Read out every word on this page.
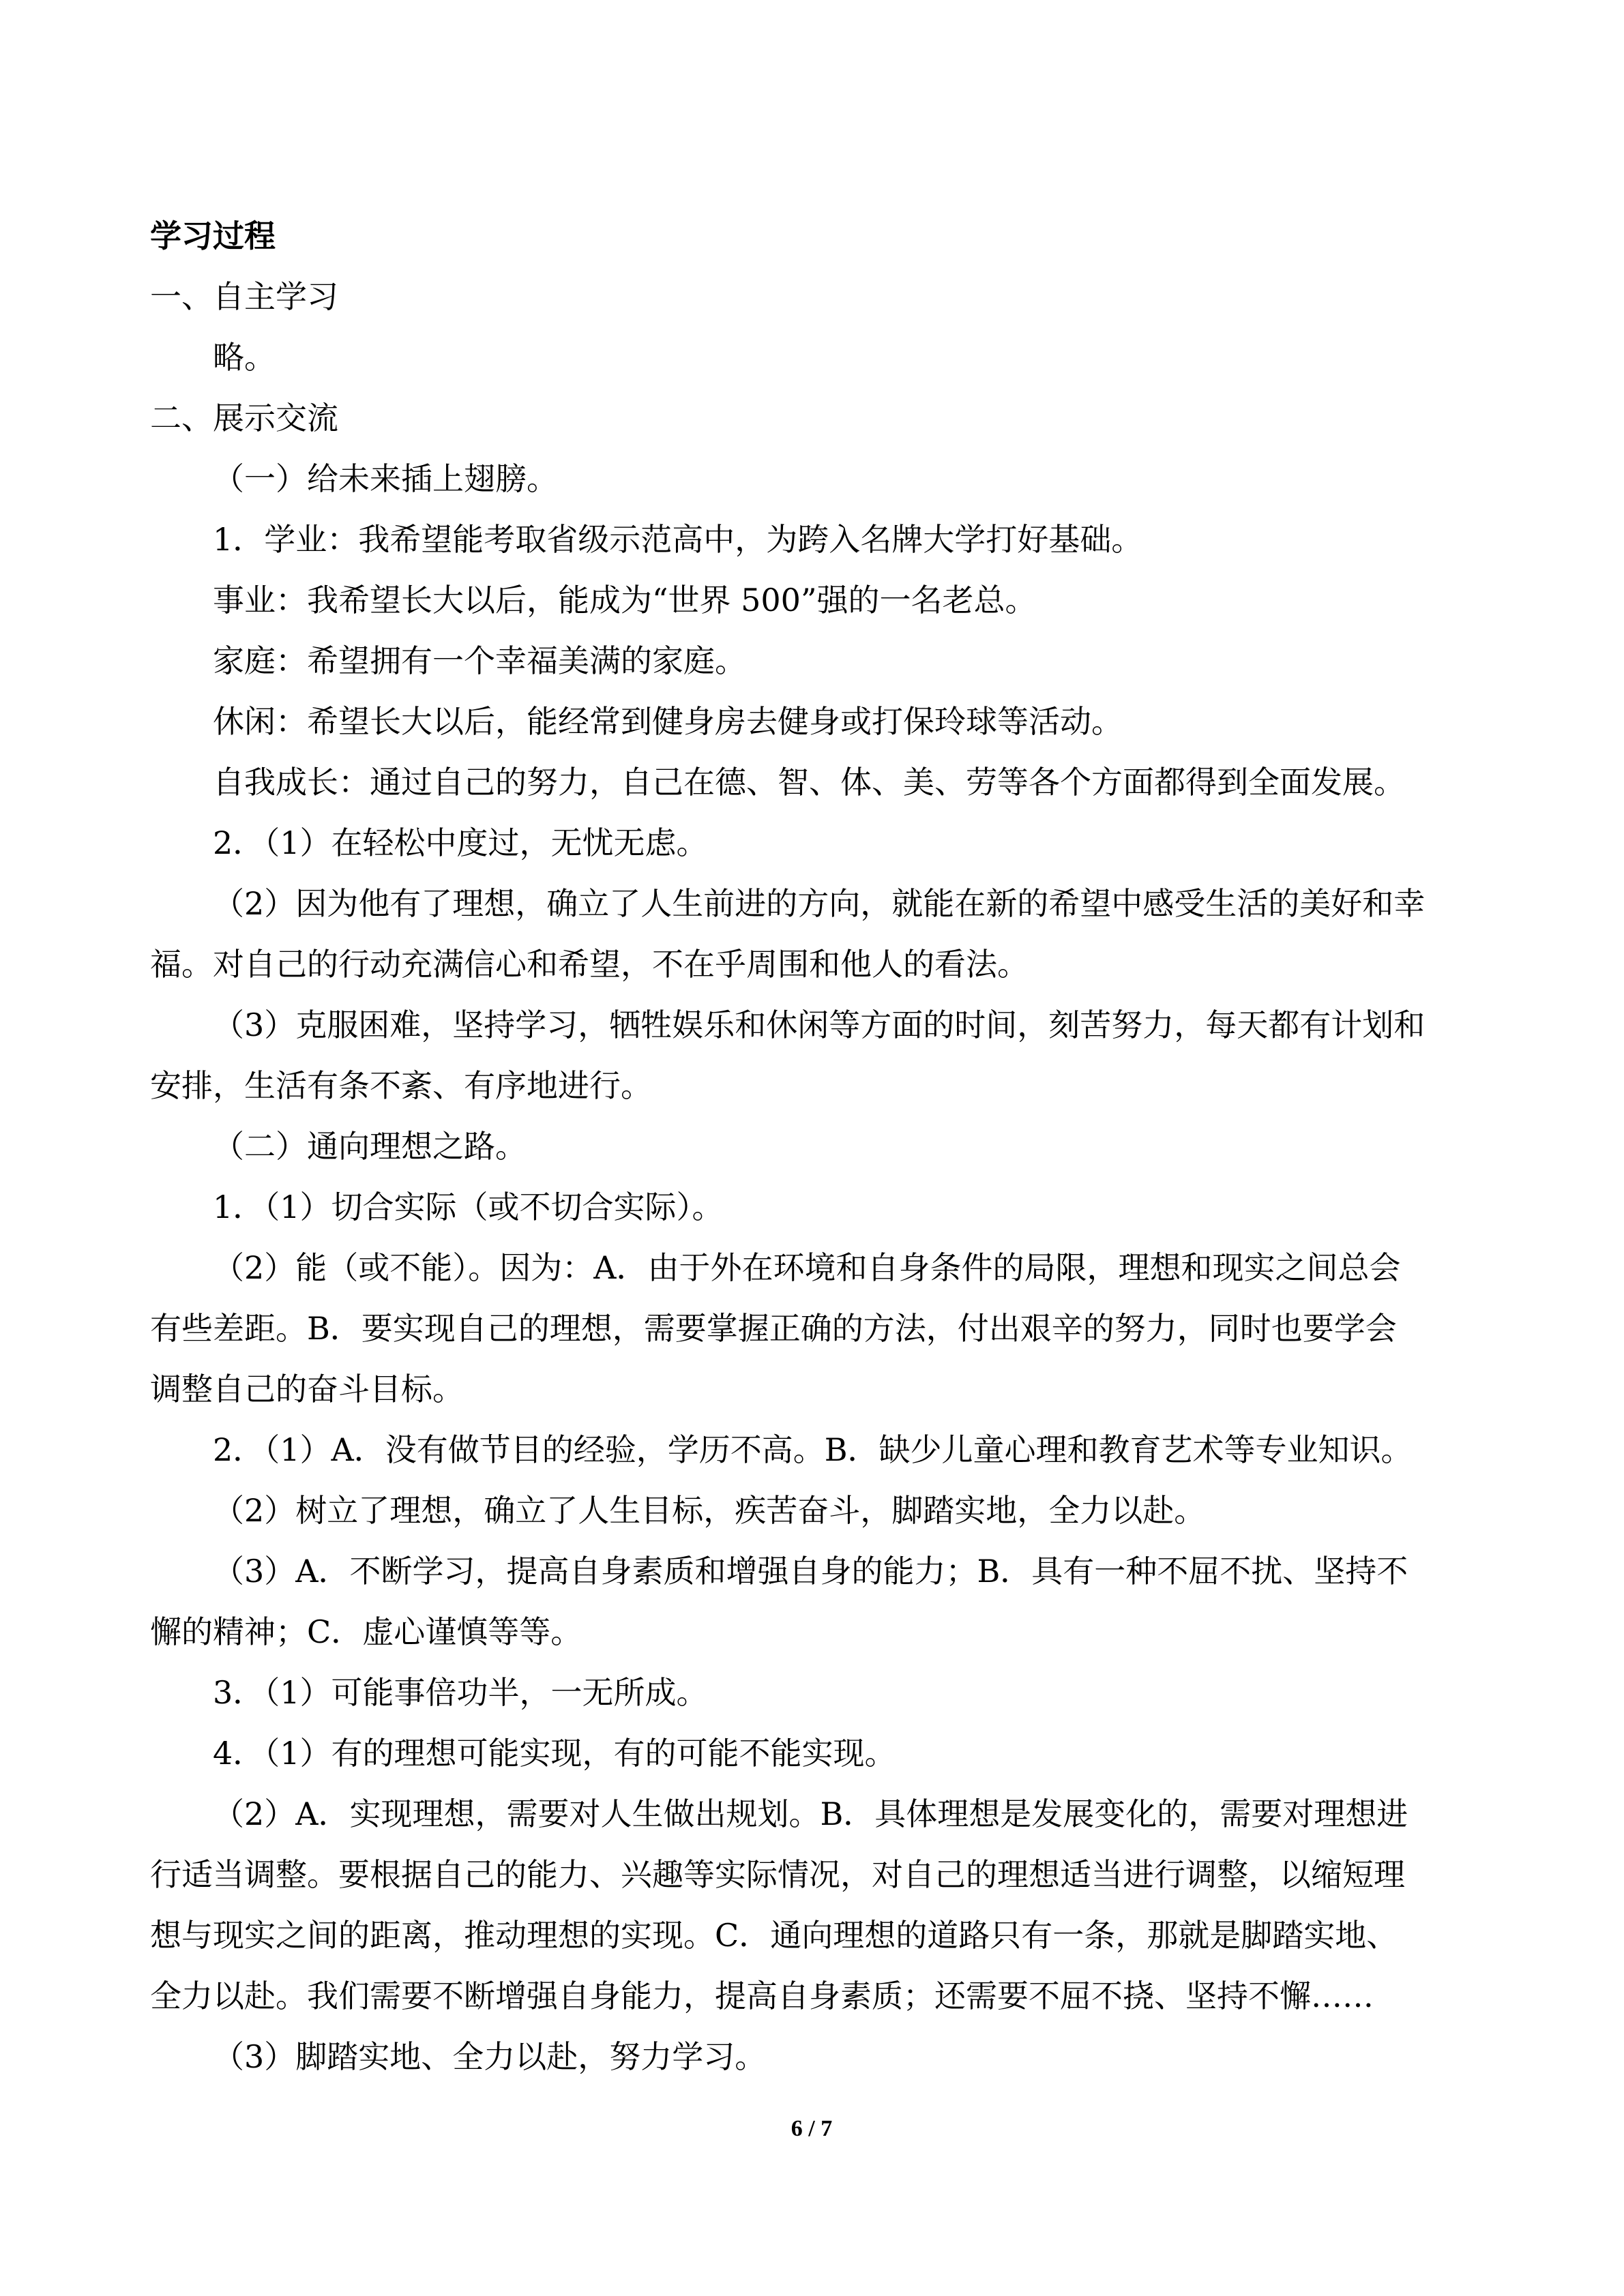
学习过程
一、自主学习
略。
二、展示交流
（一）给未来插上翅膀。
1．学业：我希望能考取省级示范高中，为跨入名牌大学打好基础。
事业：我希望长大以后，能成为“世界 500”强的一名老总。
家庭：希望拥有一个幸福美满的家庭。
休闲：希望长大以后，能经常到健身房去健身或打保玲球等活动。
自我成长：通过自己的努力，自己在德、智、体、美、劳等各个方面都得到全面发展。
2．（1）在轻松中度过，无忧无虑。
（2）因为他有了理想，确立了人生前进的方向，就能在新的希望中感受生活的美好和幸
福。对自己的行动充满信心和希望，不在乎周围和他人的看法。
（3）克服困难，坚持学习，牺牲娱乐和休闲等方面的时间，刻苦努力，每天都有计划和
安排，生活有条不紊、有序地进行。
（二）通向理想之路。
1．（1）切合实际（或不切合实际）。
（2）能（或不能）。因为：A．由于外在环境和自身条件的局限，理想和现实之间总会
有些差距。B．要实现自己的理想，需要掌握正确的方法，付出艰辛的努力，同时也要学会
调整自己的奋斗目标。
2．（1）A．没有做节目的经验，学历不高。B．缺少儿童心理和教育艺术等专业知识。
（2）树立了理想，确立了人生目标，疾苦奋斗，脚踏实地，全力以赴。
（3）A．不断学习，提高自身素质和增强自身的能力；B．具有一种不屈不扰、坚持不
懈的精神；C．虚心谨慎等等。
3．（1）可能事倍功半，一无所成。
4．（1）有的理想可能实现，有的可能不能实现。
（2）A．实现理想，需要对人生做出规划。B．具体理想是发展变化的，需要对理想进
行适当调整。要根据自己的能力、兴趣等实际情况，对自己的理想适当进行调整，以缩短理
想与现实之间的距离，推动理想的实现。C．通向理想的道路只有一条，那就是脚踏实地、
全力以赴。我们需要不断增强自身能力，提高自身素质；还需要不屈不挠、坚持不懈……
（3）脚踏实地、全力以赴，努力学习。
6 / 7
